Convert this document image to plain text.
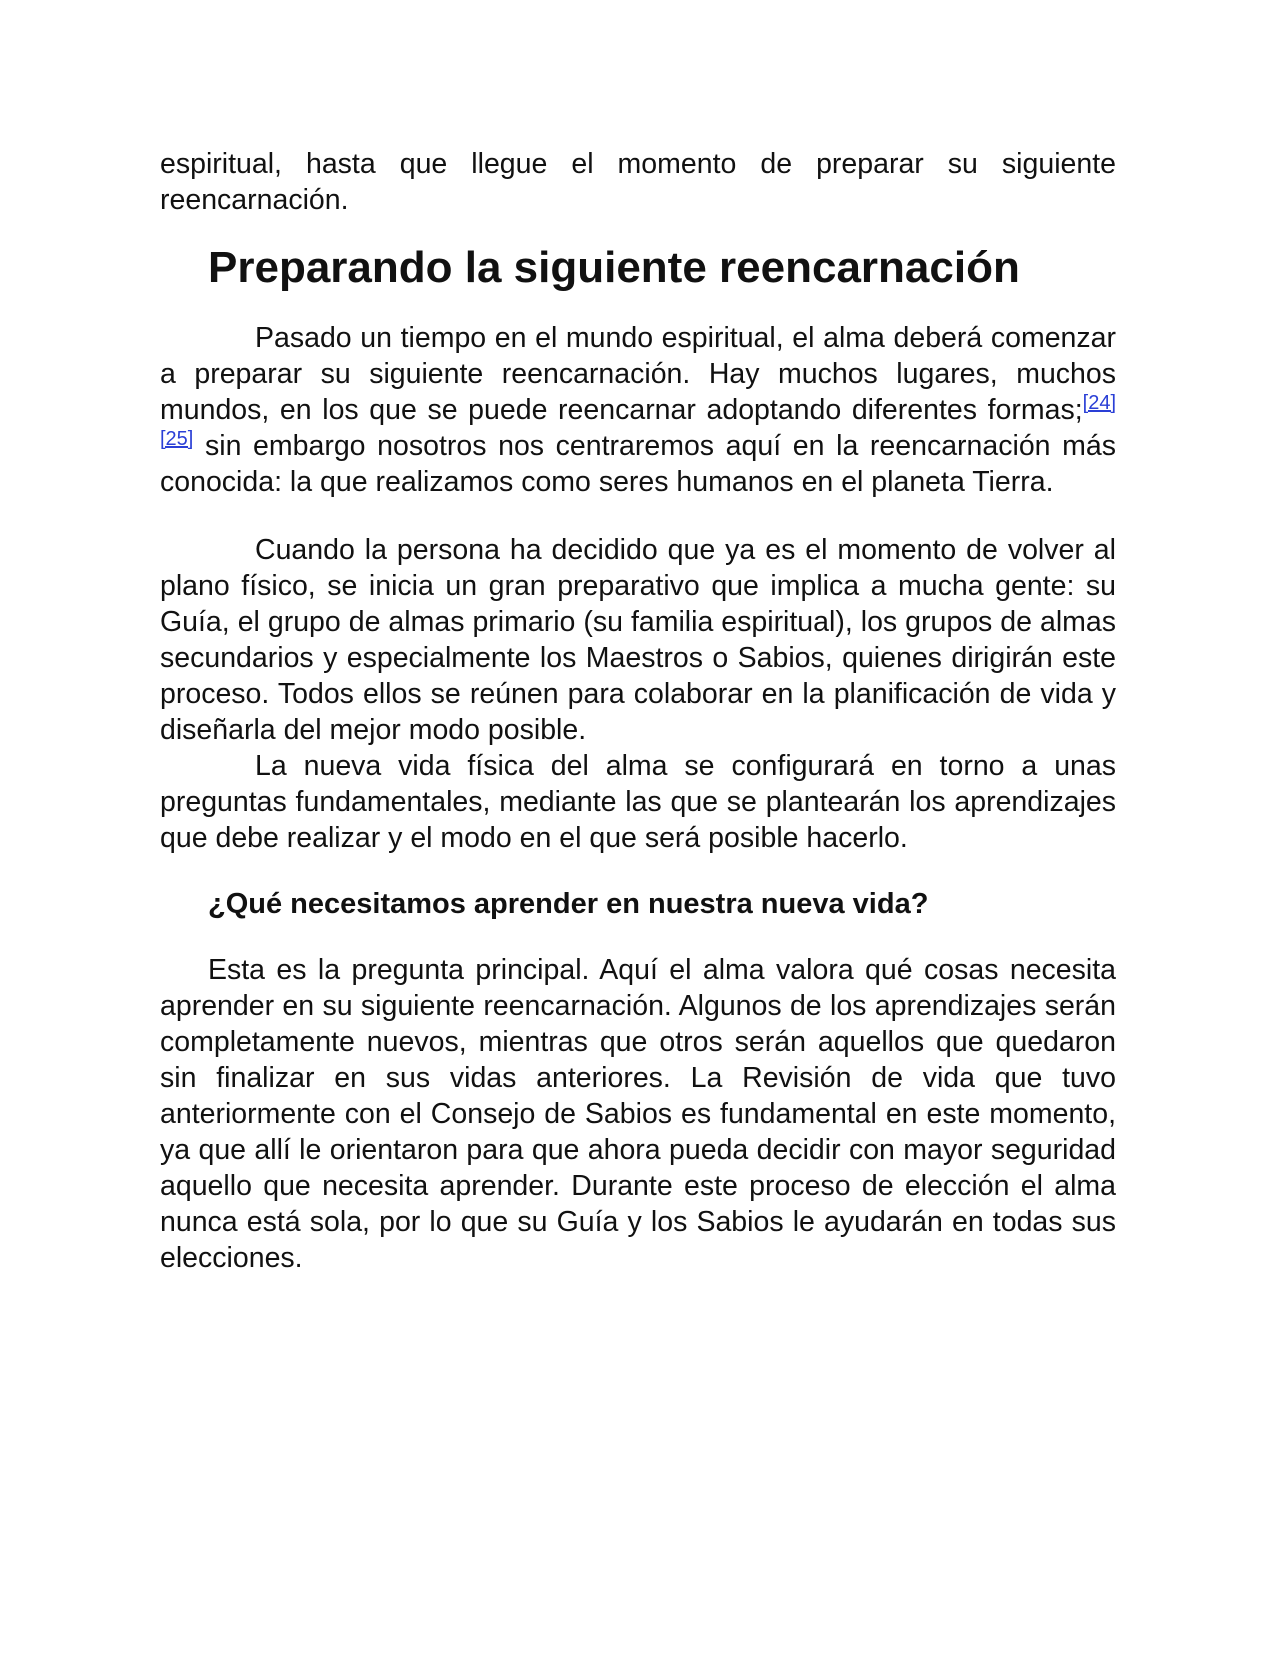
espiritual, hasta que llegue el momento de preparar su siguiente reencarnación.

Preparando la siguiente reencarnación

Pasado un tiempo en el mundo espiritual, el alma deberá comenzar a preparar su siguiente reencarnación. Hay muchos lugares, muchos mundos, en los que se puede reencarnar adoptando diferentes formas;[24] [25] sin embargo nosotros nos centraremos aquí en la reencarnación más conocida: la que realizamos como seres humanos en el planeta Tierra.

Cuando la persona ha decidido que ya es el momento de volver al plano físico, se inicia un gran preparativo que implica a mucha gente: su Guía, el grupo de almas primario (su familia espiritual), los grupos de almas secundarios y especialmente los Maestros o Sabios, quienes dirigirán este proceso. Todos ellos se reúnen para colaborar en la planificación de vida y diseñarla del mejor modo posible.

La nueva vida física del alma se configurará en torno a unas preguntas fundamentales, mediante las que se plantearán los aprendizajes que debe realizar y el modo en el que será posible hacerlo.

¿Qué necesitamos aprender en nuestra nueva vida?

Esta es la pregunta principal. Aquí el alma valora qué cosas necesita aprender en su siguiente reencarnación. Algunos de los aprendizajes serán completamente nuevos, mientras que otros serán aquellos que quedaron sin finalizar en sus vidas anteriores. La Revisión de vida que tuvo anteriormente con el Consejo de Sabios es fundamental en este momento, ya que allí le orientaron para que ahora pueda decidir con mayor seguridad aquello que necesita aprender. Durante este proceso de elección el alma nunca está sola, por lo que su Guía y los Sabios le ayudarán en todas sus elecciones.
